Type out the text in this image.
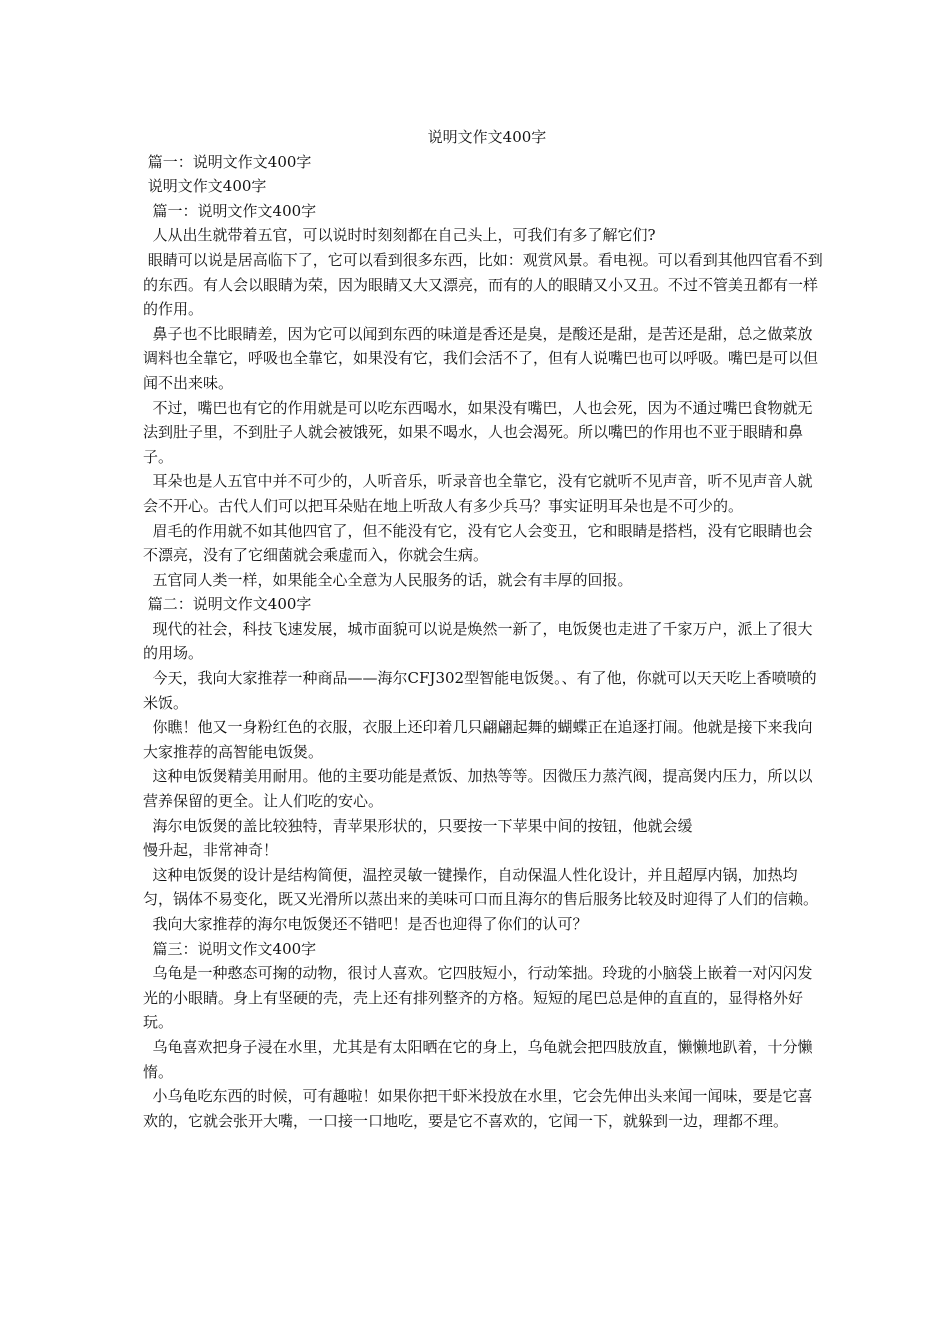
说明文作文400字

篇一：说明文作文400字

说明文作文400字

篇一：说明文作文400字

人从出生就带着五官，可以说时时刻刻都在自己头上，可我们有多了解它们?

眼睛可以说是居高临下了，它可以看到很多东西，比如：观赏风景。看电视。可以看到其他四官看不到的东西。有人会以眼睛为荣，因为眼睛又大又漂亮，而有的人的眼睛又小又丑。不过不管美丑都有一样的作用。

鼻子也不比眼睛差，因为它可以闻到东西的味道是香还是臭，是酸还是甜，是苦还是甜，总之做菜放调料也全靠它，呼吸也全靠它，如果没有它，我们会活不了，但有人说嘴巴也可以呼吸。嘴巴是可以但闻不出来味。

不过，嘴巴也有它的作用就是可以吃东西喝水，如果没有嘴巴，人也会死，因为不通过嘴巴食物就无法到肚子里，不到肚子人就会被饿死，如果不喝水，人也会渴死。所以嘴巴的作用也不亚于眼睛和鼻子。

耳朵也是人五官中并不可少的，人听音乐，听录音也全靠它，没有它就听不见声音，听不见声音人就会不开心。古代人们可以把耳朵贴在地上听敌人有多少兵马？事实证明耳朵也是不可少的。

眉毛的作用就不如其他四官了，但不能没有它，没有它人会变丑，它和眼睛是搭档，没有它眼睛也会不漂亮，没有了它细菌就会乘虚而入，你就会生病。

五官同人类一样，如果能全心全意为人民服务的话，就会有丰厚的回报。

篇二：说明文作文400字

现代的社会，科技飞速发展，城市面貌可以说是焕然一新了，电饭煲也走进了千家万户，派上了很大的用场。

今天，我向大家推荐一种商品——海尔CFJ302型智能电饭煲。、有了他，你就可以天天吃上香喷喷的米饭。

你瞧！他又一身粉红色的衣服，衣服上还印着几只翩翩起舞的蝴蝶正在追逐打闹。他就是接下来我向大家推荐的高智能电饭煲。

这种电饭煲精美用耐用。他的主要功能是煮饭、加热等等。因微压力蒸汽阀，提高煲内压力，所以以营养保留的更全。让人们吃的安心。

海尔电饭煲的盖比较独特，青苹果形状的，只要按一下苹果中间的按钮，他就会缓
慢升起，非常神奇！

这种电饭煲的设计是结构简便，温控灵敏一键操作，自动保温人性化设计，并且超厚内锅，加热均匀，锅体不易变化，既又光滑所以蒸出来的美味可口而且海尔的售后服务比较及时迎得了人们的信赖。

我向大家推荐的海尔电饭煲还不错吧！是否也迎得了你们的认可？

篇三：说明文作文400字

乌龟是一种憨态可掬的动物，很讨人喜欢。它四肢短小，行动笨拙。玲珑的小脑袋上嵌着一对闪闪发光的小眼睛。身上有坚硬的壳，壳上还有排列整齐的方格。短短的尾巴总是伸的直直的，显得格外好玩。

乌龟喜欢把身子浸在水里，尤其是有太阳晒在它的身上，乌龟就会把四肢放直，懒懒地趴着，十分懒惰。

小乌龟吃东西的时候，可有趣啦！如果你把干虾米投放在水里，它会先伸出头来闻一闻味，要是它喜欢的，它就会张开大嘴，一口接一口地吃，要是它不喜欢的，它闻一下，就躲到一边，理都不理。
